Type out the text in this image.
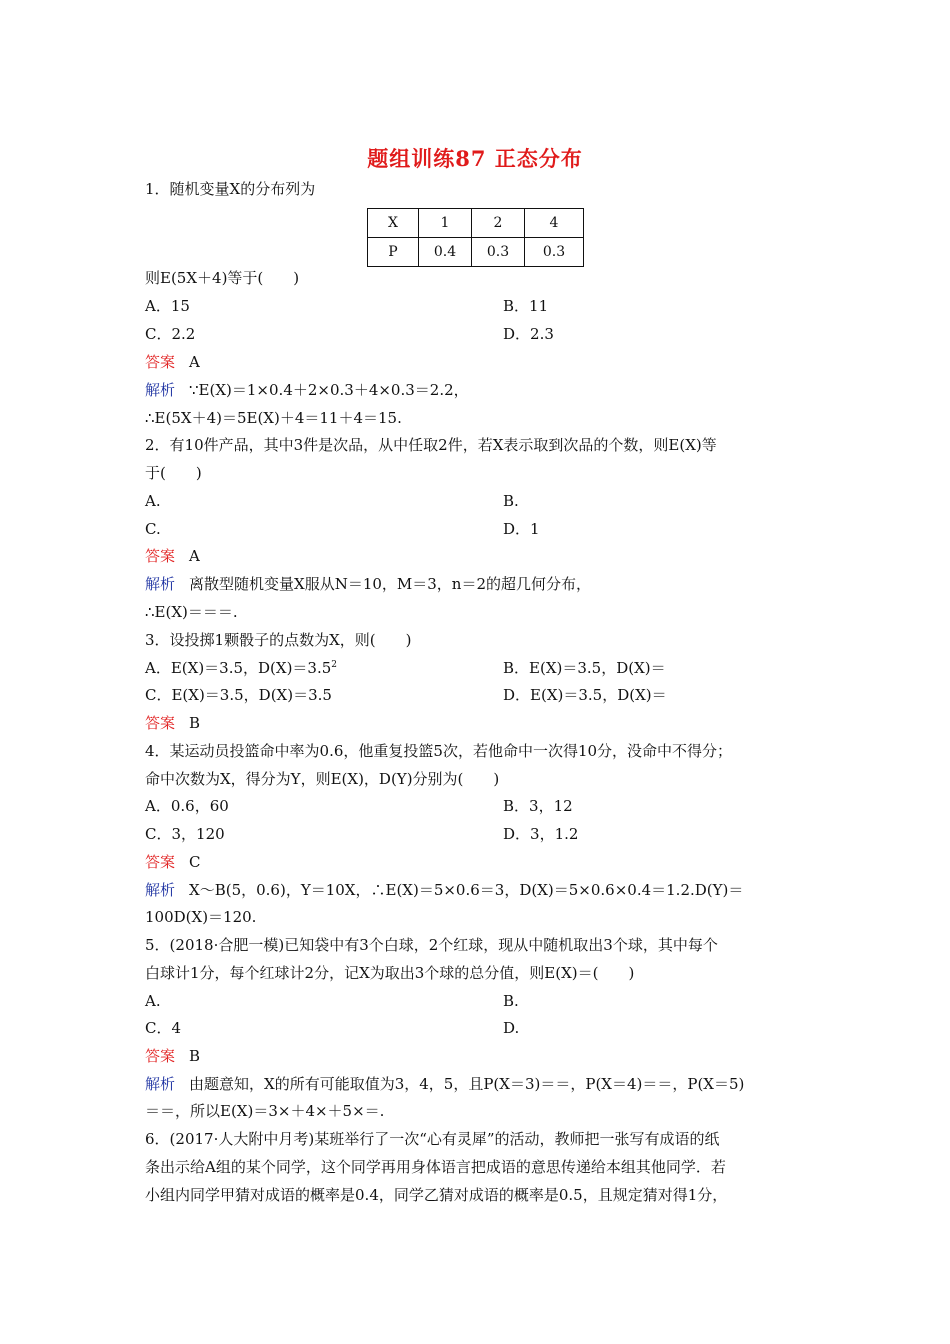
题组训练87 正态分布
1．随机变量X的分布列为
X	1	2	4
P	0.4	0.3	0.3
则E(5X＋4)等于(　　)
A．15	B．11
C．2.2	D．2.3
答案 A
解析 ∵E(X)＝1×0.4＋2×0.3＋4×0.3＝2.2，
∴E(5X＋4)＝5E(X)＋4＝11＋4＝15.
2．有10件产品，其中3件是次品，从中任取2件，若X表示取到次品的个数，则E(X)等
于(　　)
A.	B.
C.	D．1
答案 A
解析 离散型随机变量X服从N＝10，M＝3，n＝2的超几何分布，
∴E(X)＝＝＝.
3．设投掷1颗骰子的点数为X，则(　　)
A．E(X)＝3.5，$D(X)=3.5^2$	B．E(X)＝3.5，D(X)＝
C．E(X)＝3.5，D(X)＝3.5	D．E(X)＝3.5，D(X)＝
答案 B
4．某运动员投篮命中率为0.6，他重复投篮5次，若他命中一次得10分，没命中不得分；
命中次数为X，得分为Y，则E(X)，D(Y)分别为(　　)
A．0.6，60	B．3，12
C．3，120	D．3，1.2
答案 C
解析 X～B(5，0.6)，Y＝10X，∴E(X)＝5×0.6＝3，D(X)＝5×0.6×0.4＝1.2.D(Y)＝
100D(X)＝120.
5．(2018·合肥一模)已知袋中有3个白球，2个红球，现从中随机取出3个球，其中每个
白球计1分，每个红球计2分，记X为取出3个球的总分值，则E(X)＝(　　)
A.	B.
C．4	D.
答案 B
解析 由题意知，X的所有可能取值为3，4，5，且P(X＝3)＝＝，P(X＝4)＝＝，P(X＝5)
＝＝，所以E(X)＝3×＋4×＋5×＝.
6．(2017·人大附中月考)某班举行了一次“心有灵犀”的活动，教师把一张写有成语的纸
条出示给A组的某个同学，这个同学再用身体语言把成语的意思传递给本组其他同学．若
小组内同学甲猜对成语的概率是0.4，同学乙猜对成语的概率是0.5，且规定猜对得1分，
